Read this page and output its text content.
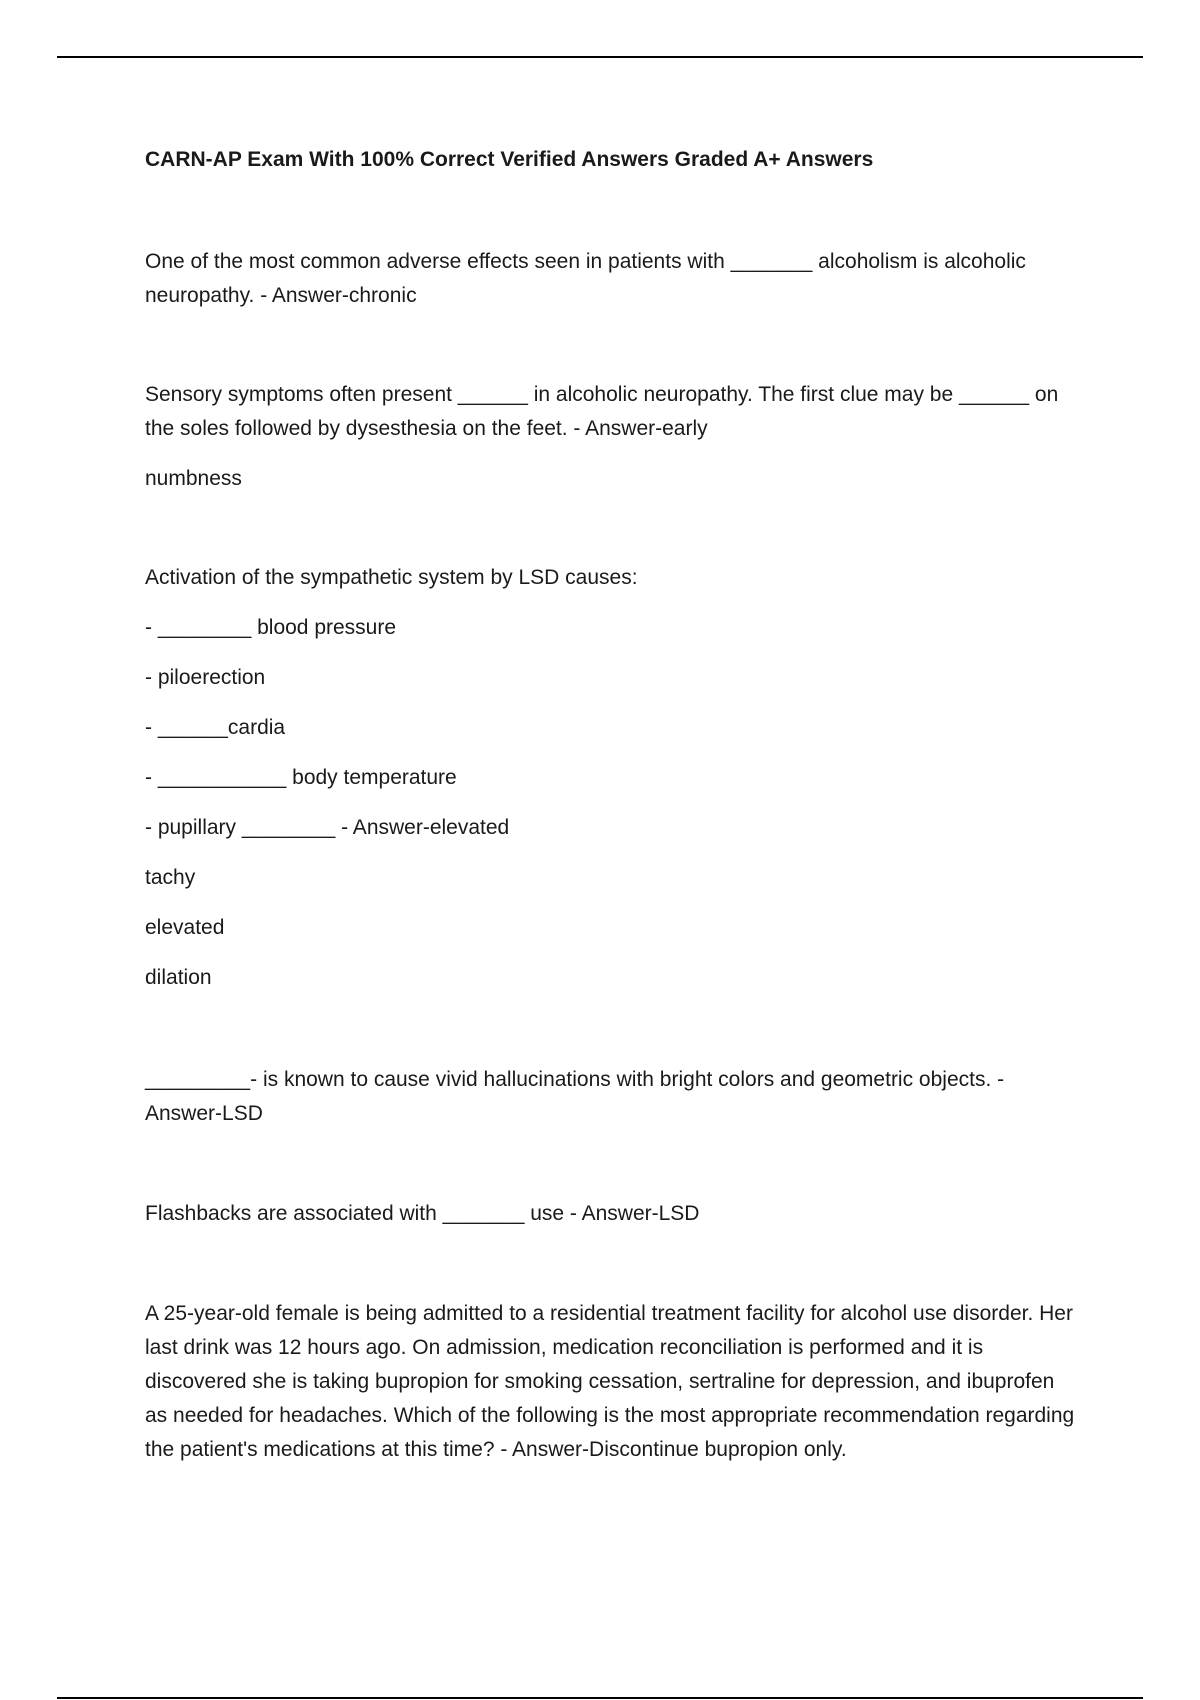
CARN-AP Exam With 100% Correct Verified Answers Graded A+ Answers

One of the most common adverse effects seen in patients with _______ alcoholism is alcoholic neuropathy. - Answer-chronic

Sensory symptoms often present ______ in alcoholic neuropathy. The first clue may be ______ on the soles followed by dysesthesia on the feet. - Answer-early
numbness
Activation of the sympathetic system by LSD causes:
- ________ blood pressure
- piloerection
- ______cardia
- ___________ body temperature
- pupillary ________ - Answer-elevated
tachy
elevated
dilation

_________- is known to cause vivid hallucinations with bright colors and geometric objects. - Answer-LSD

Flashbacks are associated with _______ use - Answer-LSD

A 25-year-old female is being admitted to a residential treatment facility for alcohol use disorder. Her last drink was 12 hours ago. On admission, medication reconciliation is performed and it is discovered she is taking bupropion for smoking cessation, sertraline for depression, and ibuprofen as needed for headaches. Which of the following is the most appropriate recommendation regarding the patient's medications at this time? - Answer-Discontinue bupropion only.
